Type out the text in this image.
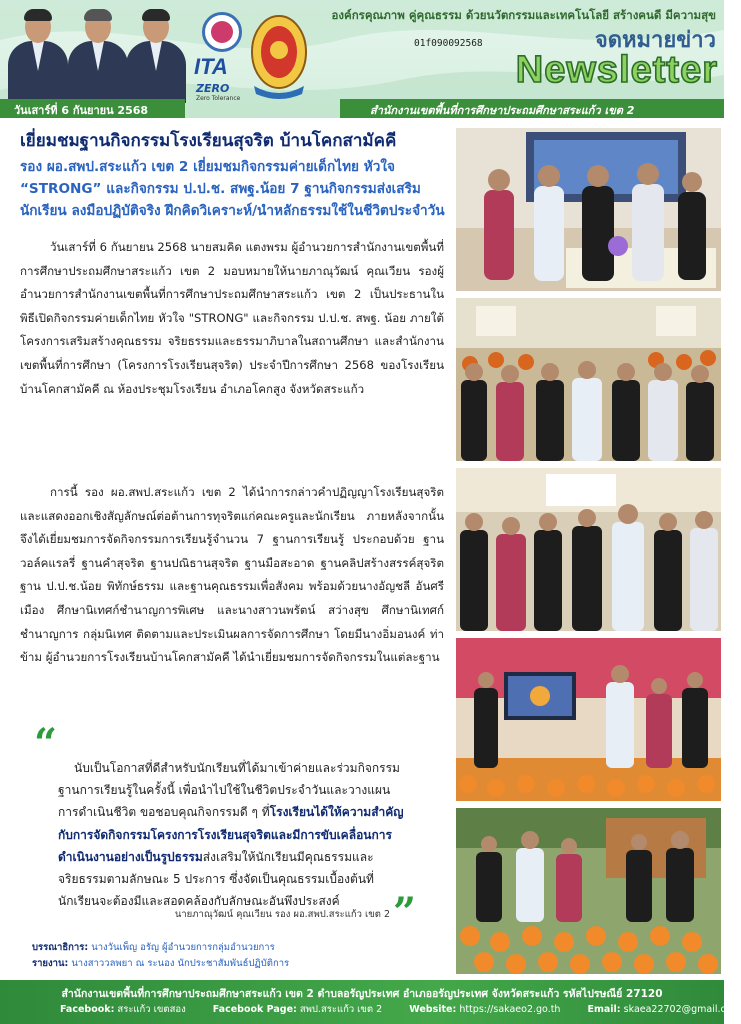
วันเสาร์ที่ 6 กันยายน 2568
ITA
ZERO
Zero Tolerance
องค์กรคุณภาพ คู่คุณธรรม ด้วยนวัตกรรมและเทคโนโลยี สร้างคนดี มีความสุข
01f090092568	จดหมายข่าว
Newsletter
สำนักงานเขตพื้นที่การศึกษาประถมศึกษาสระแก้ว เขต 2
เยี่ยมชมฐานกิจกรรมโรงเรียนสุจริต บ้านโคกสามัคคี
รอง ผอ.สพป.สระแก้ว เขต 2 เยี่ยมชมกิจกรรมค่ายเด็กไทย หัวใจ “STRONG” และกิจกรรม ป.ป.ช. สพฐ.น้อย 7 ฐานกิจกรรมส่งเสริมนักเรียน ลงมือปฏิบัติจริง ฝึกคิดวิเคราะห์/นำหลักธรรมใช้ในชีวิตประจำวัน
วันเสาร์ที่ 6 กันยายน 2568 นายสมคิด แตงพรม ผู้อำนวยการสำนักงานเขตพื้นที่การศึกษาประถมศึกษาสระแก้ว เขต 2 มอบหมายให้นายภาณุวัฒน์ คุณเวียน รองผู้อำนวยการสำนักงานเขตพื้นที่การศึกษาประถมศึกษาสระแก้ว เขต 2 เป็นประธานในพิธีเปิดกิจกรรมค่ายเด็กไทย หัวใจ "STRONG" และกิจกรรม ป.ป.ช. สพฐ. น้อย ภายใต้โครงการเสริมสร้างคุณธรรม จริยธรรมและธรรมาภิบาลในสถานศึกษา และสำนักงานเขตพื้นที่การศึกษา (โครงการโรงเรียนสุจริต) ประจำปีการศึกษา 2568 ของโรงเรียนบ้านโคกสามัคคี ณ ห้องประชุมโรงเรียน อำเภอโคกสูง จังหวัดสระแก้ว
การนี้ รอง ผอ.สพป.สระแก้ว เขต 2 ได้นำการกล่าวคำปฏิญญาโรงเรียนสุจริตและแสดงออกเชิงสัญลักษณ์ต่อต้านการทุจริตแก่คณะครูและนักเรียน ภายหลังจากนั้น จึงได้เยี่ยมชมการจัดกิจกรรมการเรียนรู้จำนวน 7 ฐานการเรียนรู้ ประกอบด้วย ฐานวอล์คแรลรี่ ฐานคำสุจริต ฐานปณิธานสุจริต ฐานมือสะอาด ฐานคลิปสร้างสรรค์สุจริต ฐาน ป.ป.ช.น้อย พิทักษ์ธรรม และฐานคุณธรรมเพื่อสังคม พร้อมด้วยนางอัญชลี อันศรีเมือง ศึกษานิเทศก์ชำนาญการพิเศษ และนางสาวนพรัตน์ สว่างสุข ศึกษานิเทศก์ชำนาญการ กลุ่มนิเทศ ติดตามและประเมินผลการจัดการศึกษา โดยมีนางอิ่มอนงค์ ท่าข้าม ผู้อำนวยการโรงเรียนบ้านโคกสามัคคี ได้นำเยี่ยมชมการจัดกิจกรรมในแต่ละฐาน
“
นับเป็นโอกาสที่ดีสำหรับนักเรียนที่ได้มาเข้าค่ายและร่วมกิจกรรมฐานการเรียนรู้ในครั้งนี้ เพื่อนำไปใช้ในชีวิตประจำวันและวางแผนการดำเนินชีวิต ขอชอบคุณกิจกรรมดี ๆ ที่โรงเรียนได้ให้ความสำคัญกับการจัดกิจกรรมโครงการโรงเรียนสุจริตและมีการขับเคลื่อนการดำเนินงานอย่างเป็นรูปธรรมส่งเสริมให้นักเรียนมีคุณธรรมและจริยธรรมตามลักษณะ 5 ประการ ซึ่งจัดเป็นคุณธรรมเบื้องต้นที่นักเรียนจะต้องมีและสอดคล้องกับลักษณะอันพึงประสงค์
นายภาณุวัฒน์ คุณเวียน รอง ผอ.สพป.สระแก้ว เขต 2 ”
บรรณาธิการ: นางวันเพ็ญ อรัญ ผู้อำนวยการกลุ่มอำนวยการ
รายงาน: นางสาววลพยา ณ ระนอง นักประชาสัมพันธ์ปฏิบัติการ
สำนักงานเขตพื้นที่การศึกษาประถมศึกษาสระแก้ว เขต 2 ตำบลอรัญประเทศ อำเภออรัญประเทศ จังหวัดสระแก้ว รหัสไปรษณีย์ 27120
Facebook: สระแก้ว เขตสอง	Facebook Page: สพป.สระแก้ว เขต 2	Website: https://sakaeo2.go.th	Email: skaea22702@gmail.com
